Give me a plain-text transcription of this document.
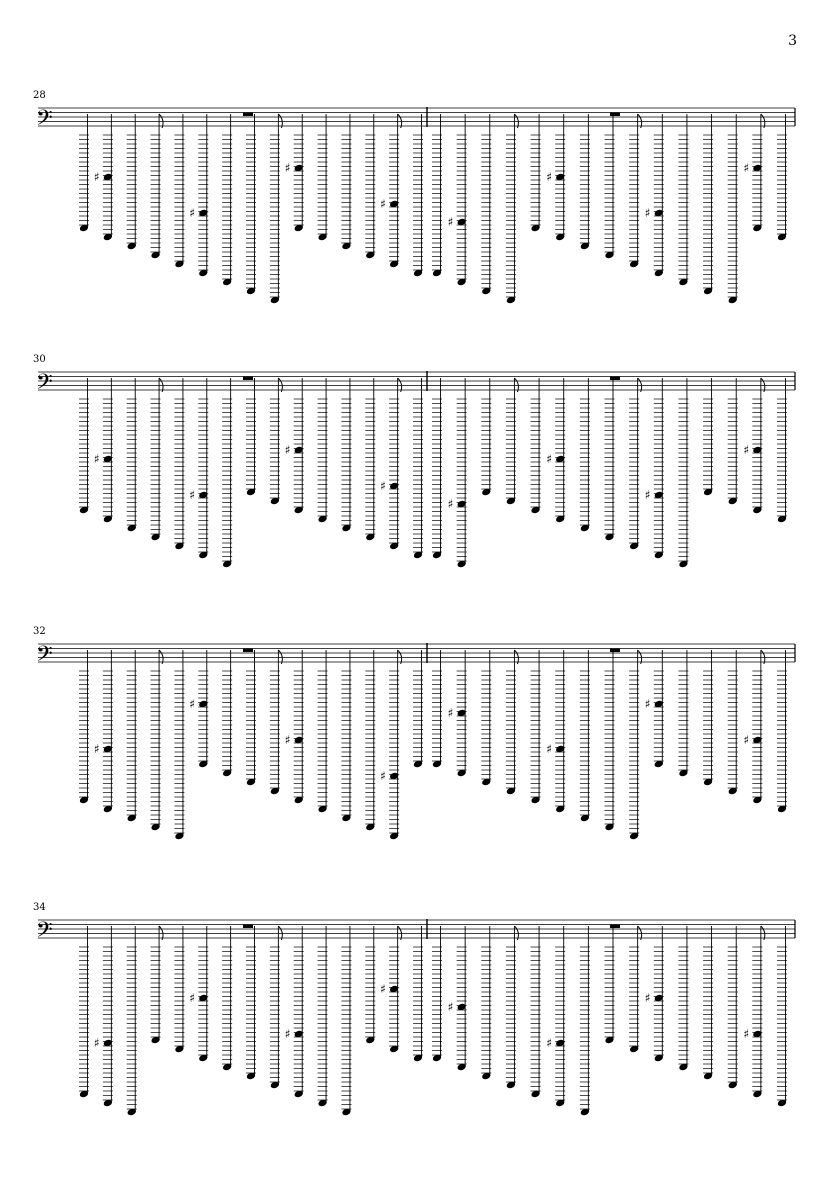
3
28
𝄢
♯
♯
♯
♯
♯
♯
♯
♯
30
𝄢
♯
♯
♯
♯
♯
♯
♯
♯
32
𝄢
♯
♯
♯
♯
♯
♯
♯
♯
34
𝄢
♯
♯
♯
♯
♯
♯
♯
♯
